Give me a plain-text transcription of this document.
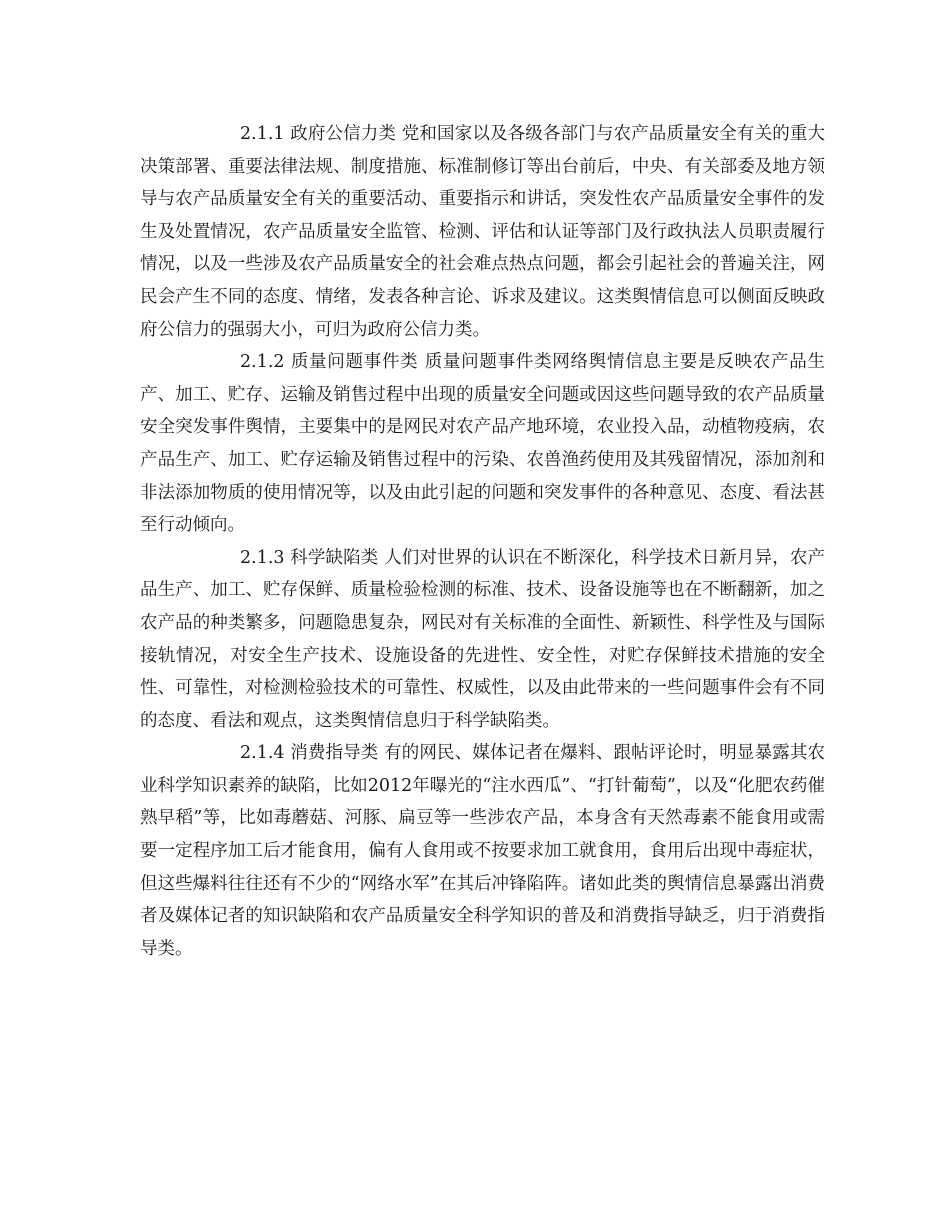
2.1.1 政府公信力类 党和国家以及各级各部门与农产品质量安全有关的重大决策部署、重要法律法规、制度措施、标准制修订等出台前后，中央、有关部委及地方领导与农产品质量安全有关的重要活动、重要指示和讲话，突发性农产品质量安全事件的发生及处置情况，农产品质量安全监管、检测、评估和认证等部门及行政执法人员职责履行情况，以及一些涉及农产品质量安全的社会难点热点问题，都会引起社会的普遍关注，网民会产生不同的态度、情绪，发表各种言论、诉求及建议。这类舆情信息可以侧面反映政府公信力的强弱大小，可归为政府公信力类。

2.1.2 质量问题事件类 质量问题事件类网络舆情信息主要是反映农产品生产、加工、贮存、运输及销售过程中出现的质量安全问题或因这些问题导致的农产品质量安全突发事件舆情，主要集中的是网民对农产品产地环境，农业投入品，动植物疫病，农产品生产、加工、贮存运输及销售过程中的污染、农兽渔药使用及其残留情况，添加剂和非法添加物质的使用情况等，以及由此引起的问题和突发事件的各种意见、态度、看法甚至行动倾向。

2.1.3 科学缺陷类 人们对世界的认识在不断深化，科学技术日新月异，农产品生产、加工、贮存保鲜、质量检验检测的标准、技术、设备设施等也在不断翻新，加之农产品的种类繁多，问题隐患复杂，网民对有关标准的全面性、新颖性、科学性及与国际接轨情况，对安全生产技术、设施设备的先进性、安全性，对贮存保鲜技术措施的安全性、可靠性，对检测检验技术的可靠性、权威性，以及由此带来的一些问题事件会有不同的态度、看法和观点，这类舆情信息归于科学缺陷类。

2.1.4 消费指导类 有的网民、媒体记者在爆料、跟帖评论时，明显暴露其农业科学知识素养的缺陷，比如2012年曝光的“注水西瓜”、“打针葡萄”，以及“化肥农药催熟早稻”等，比如毒蘑菇、河豚、扁豆等一些涉农产品，本身含有天然毒素不能食用或需要一定程序加工后才能食用，偏有人食用或不按要求加工就食用，食用后出现中毒症状，但这些爆料往往还有不少的“网络水军”在其后冲锋陷阵。诸如此类的舆情信息暴露出消费者及媒体记者的知识缺陷和农产品质量安全科学知识的普及和消费指导缺乏，归于消费指导类。
